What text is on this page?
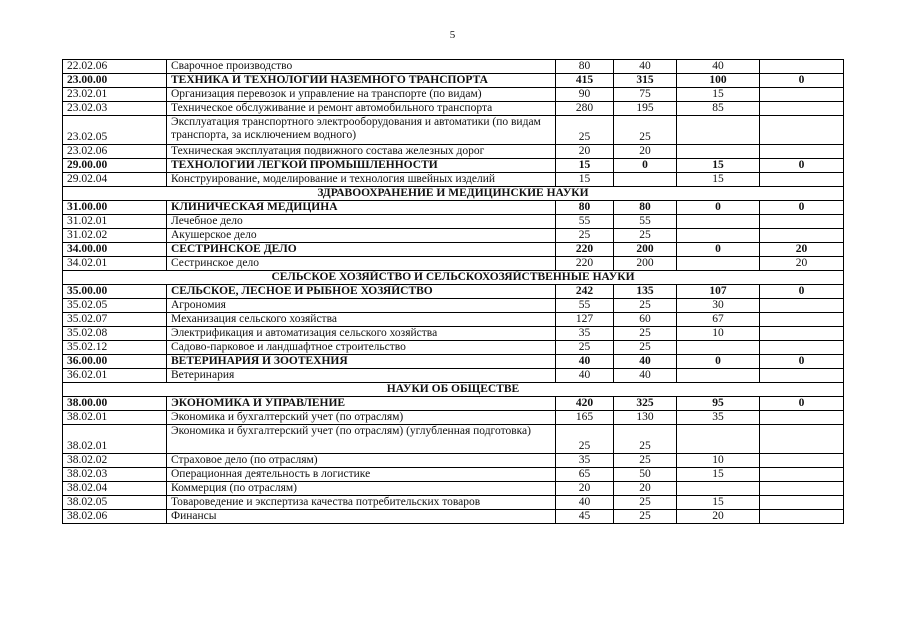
5
22.02.06	Сварочное производство	80	40	40	
23.00.00	ТЕХНИКА И ТЕХНОЛОГИИ НАЗЕМНОГО ТРАНСПОРТА	415	315	100	0
23.02.01	Организация перевозок и управление на транспорте (по видам)	90	75	15	
23.02.03	Техническое обслуживание и ремонт автомобильного транспорта	280	195	85	
23.02.05	Эксплуатация транспортного электрооборудования и автоматики (по видам транспорта, за исключением водного)	25	25		
23.02.06	Техническая эксплуатация подвижного состава железных дорог	20	20		
29.00.00	ТЕХНОЛОГИИ ЛЕГКОЙ ПРОМЫШЛЕННОСТИ	15	0	15	0
29.02.04	Конструирование, моделирование и технология швейных изделий	15		15	
ЗДРАВООХРАНЕНИЕ И МЕДИЦИНСКИЕ НАУКИ					
31.00.00	КЛИНИЧЕСКАЯ МЕДИЦИНА	80	80	0	0
31.02.01	Лечебное дело	55	55		
31.02.02	Акушерское дело	25	25		
34.00.00	СЕСТРИНСКОЕ ДЕЛО	220	200	0	20
34.02.01	Сестринское дело	220	200		20
СЕЛЬСКОЕ ХОЗЯЙСТВО И СЕЛЬСКОХОЗЯЙСТВЕННЫЕ НАУКИ					
35.00.00	СЕЛЬСКОЕ, ЛЕСНОЕ И РЫБНОЕ ХОЗЯЙСТВО	242	135	107	0
35.02.05	Агрономия	55	25	30	
35.02.07	Механизация сельского хозяйства	127	60	67	
35.02.08	Электрификация и автоматизация сельского хозяйства	35	25	10	
35.02.12	Садово-парковое и ландшафтное строительство	25	25		
36.00.00	ВЕТЕРИНАРИЯ И ЗООТЕХНИЯ	40	40	0	0
36.02.01	Ветеринария	40	40		
НАУКИ ОБ ОБЩЕСТВЕ					
38.00.00	ЭКОНОМИКА И УПРАВЛЕНИЕ	420	325	95	0
38.02.01	Экономика и бухгалтерский учет (по отраслям)	165	130	35	
38.02.01	Экономика и бухгалтерский учет (по отраслям) (углубленная подготовка)	25	25		
38.02.02	Страховое дело (по отраслям)	35	25	10	
38.02.03	Операционная деятельность в логистике	65	50	15	
38.02.04	Коммерция (по отраслям)	20	20		
38.02.05	Товароведение и экспертиза качества потребительских товаров	40	25	15	
38.02.06	Финансы	45	25	20	
